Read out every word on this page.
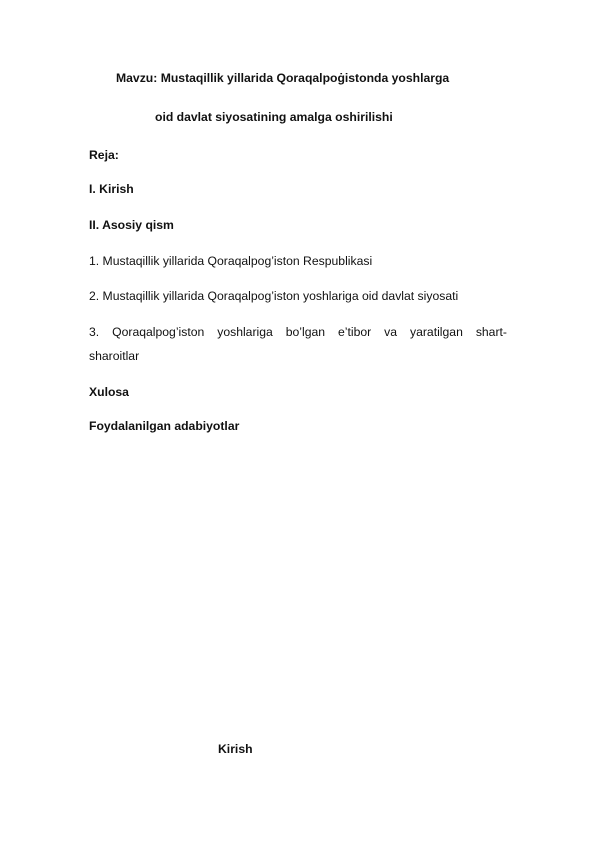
Mavzu: Mustaqillik yillarida Qoraqalpoġistonda yoshlarga
oid davlat siyosatining amalga oshirilishi
Reja:
I. Kirish
II. Asosiy qism
1. Mustaqillik yillarida Qoraqalpog’iston Respublikasi
2. Mustaqillik yillarida Qoraqalpog’iston yoshlariga oid davlat siyosati
3. Qoraqalpog’iston yoshlariga bo’lgan e’tibor va yaratilgan shart-
sharoitlar
Xulosa
Foydalanilgan adabiyotlar
Kirish
